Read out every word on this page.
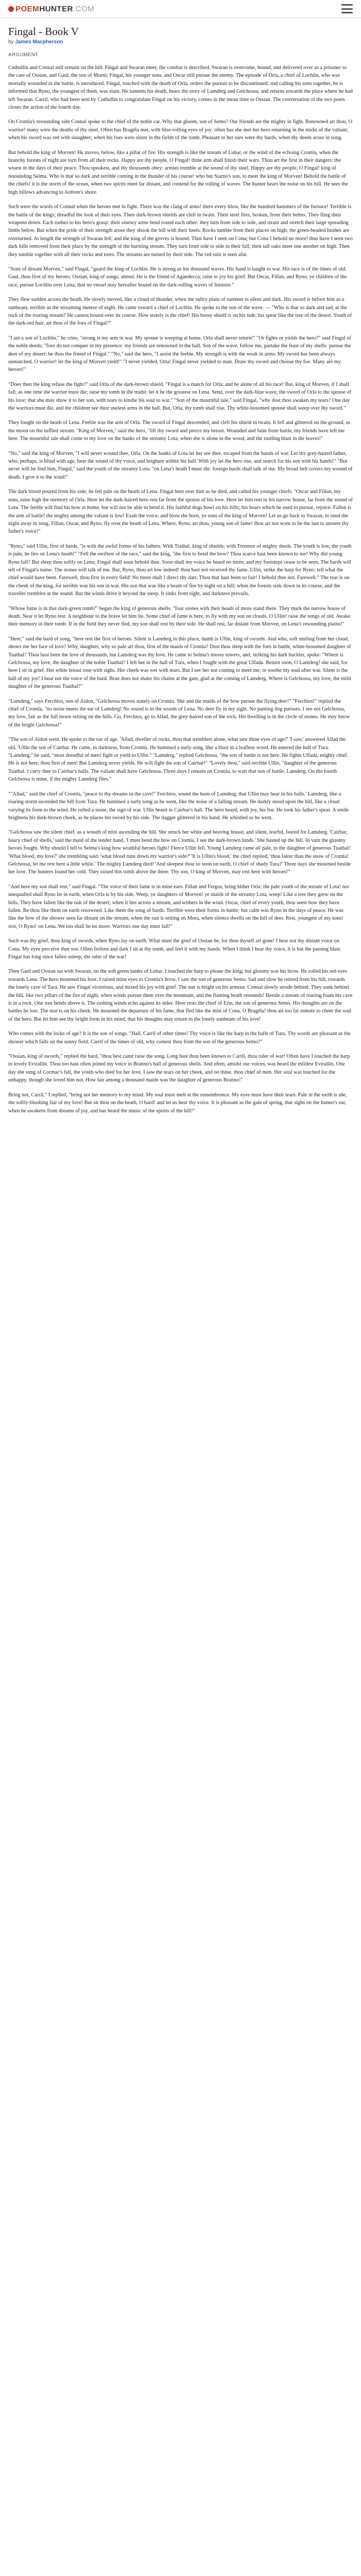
POEM HUNTER .COM
Fingal - Book V
by James Macpherson

ARGUMENT

Cuthullin and Connal still remain on the hill. Fingal and Swaran meet; the combat is described. Swaran is overcome, bound, and delivered over as a prisoner to the care of Ossian, and Gaul, the son of Morni; Fingal, his younger sons, and Oscar still pursue the enemy. The episode of Orla, a chief of Lochlin, who was mortally wounded in the battle, is introduced. Fingal, touched with the death of Orla, orders the pursuit to be discontinued; and calling his sons together, he is informed that Ryno, the youngest of them, was slain. He laments his death, hears the story of Lamderg and Gelchossa, and returns towards the place where he had left Swaran. Carril, who had been sent by Cuthullin to congratulate Fingal on his victory, comes in the mean time to Ossian. The conversation of the two poets closes the action of the fourth day.

On Cromla's resounding side Connal spoke to the chief of the noble car. Why that gloom, son of Semo? Our friends are the mighty in fight. Renowned art thou, O warrior! many were the deaths of thy steel. Often has Bragéla met, with blue-rolling eyes of joy: often has she met her hero returning in the midst of the valiant; when his sword was red with slaughter; when his foes were silent in the fields of the tomb. Pleasant to her ears were thy bards, when thy deeds arose in song.

But behold the king of Morven! He moves, below, like a pillar of fire. His strength is like the stream of Lubar, or the wind of the echoing Cromla, when the branchy forests of night are torn from all their rocks. Happy are thy people, O Fingal! thine arm shall finish their wars. Thou art the first in their dangers: the wisest in the days of their peace. Thou speakest, and thy thousands obey: armies tremble at the sound of thy steel. Happy are thy people, O Fingal! king of resounding Selma. Who is that so dark and terrible coming in the thunder of his course! who but Starno's son, to meet the king of Morven! Behold the battle of the chiefs! it is the storm of the ocean, when two spirits meet far distant, and contend for the rolling of waves. The hunter hears the noise on his hill. He sees the high billows advancing to Ardven's shore.

Such were the words of Connal when the heroes met in fight. There was the clang of arms! there every blow, like the hundred hammers of the furnace! Terrible is the battle of the kings; dreadful the look of their eyes. Their dark-brown shields are cleft in twain. Their steel flies, broken, from their helms. They fling their weapons down. Each rushes to his hero's grasp; their sinewy arms bend round each other: they turn from side to side, and strain and stretch their large spreading limbs below. But when the pride of their strength arose they shook the hill with their heels. Rocks tumble from their places on high; the green-headed bushes are overturned. At length the strength of Swaran fell; and the king of the groves is bound. Thus have I seen on Cona; but Cona I behold no more! thus have I seen two dark hills removed from their place by the strength of the bursting stream. They turn from side to side in their fall; their tall oaks meet one another on high. Then they tumble together with all their rocks and trees. The streams are turned by their side. The red ruin is seen afar.

"Sons of distant Morven," said Fingal, "guard the king of Lochlin. He is strong as his thousand waves. His hand is taught to war. His race is of the times of old. Gaul, thou first of my heroes; Ossian, king of songs, attend. He is the friend of Agandecca; raise to joy his grief. But Oscar, Fillan, and Ryno, ye children of the race, pursue Lochlin over Lena; that no vessel may hereafter bound on the dark-rolling waves of Inistore."

They flew sudden across the heath. He slowly moved, like a cloud of thunder, when the sultry plain of summer is silent and dark. His sword is before him as a sunbeam; terrible as the streaming meteor of night. He came toward a chief of Lochlin. He spoke to the son of the wave. — "Who is that so dark and sad, at the rock of the roaring stream? He cannot bound over its course. How stately is the chief! His bossy shield is on his side; his spear like the tree of the desert. Youth of the dark-red hair, art thou of the foes of Fingal?"

"I am a son of Lochlin," he cries; "strong is my arm in war. My spouse is weeping at home. Orla shall never return!" "Or fights or yields the hero?" said Fingal of the noble deeds; "foes do not conquer in my presence: my friends are renowned in the hall. Son of the wave, follow me, partake the feast of my shells: pursue the deer of my desert: be thou the friend of Fingal." "No," said the hero, "I assist the feeble. My strength is with the weak in arms. My sword has been always unmatched, O warrior! let the king of Morven yield!" "I never yielded, Orla! Fingal never yielded to man. Draw thy sword and choose thy foe. Many are my heroes!"

"Does then the king refuse the fight?" said Orla of the dark-brown shield. "Fingal is a match for Orla: and he alone of all his race! But, king of Morven, if I shall fall; as one time the warrior must die; raise my tomb in the midst: let it be the greatest on Lena. Send, over the dark-blue wave, the sword of Orla to the spouse of his love; that she may show it to her son, with tears to kindle his soul to war." "Son of the mournful tale," said Fingal, "why dost thou awaken my tears? One day the warriors must die, and the children see their useless arms in the hall. But, Orla, thy tomb shall rise. Thy white-bosomed spouse shall weep over thy sword."

They fought on the heath of Lena. Feeble was the arm of Orla. The sword of Fingal descended, and cleft his shield in twain. It fell and glittered on the ground, as the moon on the ruffled stream. "King of Morven," said the hero, "lift thy sword and pierce my breast. Wounded and faint from battle, my friends have left me here. The mournful tale shall come to my love on the banks of the streamy Lota; when she is alone in the wood, and the rustling blast in the leaves!"

"No," said the king of Morven; "I will never wound thee, Orla. On the banks of Lota let her see thee, escaped from the hands of war. Let thy grey-haired father, who, perhaps, is blind with age, hear the sound of thy voice, and brighten within his hall. With joy let the hero rise, and search for his son with his hands!" "But never will he find him, Fingal," said the youth of the streamy Lota: "on Lena's heath I must die: foreign bards shall talk of me. My broad belt covers my wound of death. I give it to the wind!"

The dark blood poured from his side; he fell pale on the heath of Lena. Fingal bent over him as he died, and called his younger chiefs. "Oscar and Fillan, my sons, raise high the memory of Orla. Here let the dark-haired hero rest far from the spouse of his love. Here let him rest in his narrow house, far from the sound of Lota. The feeble will find his bow at home, but will not be able to bend it. His faithful dogs howl on his hills; his boars which he used to pursue, rejoice. Fallen is the arm of battle! the mighty among the valiant is low! Exalt the voice, and blow the horn, ye sons of the king of Morven! Let us go back to Swaran, to send the night away in song. Fillan, Oscar, and Ryno, fly over the heath of Lena. Where, Ryno, art thou, young son of fame! thou art not wont to be the last to answer thy father's voice!"

"Ryno," said Ullin, first of bards, "is with the awful forms of his fathers. With Trathal, king of shields; with Trenmor of mighty deeds. The youth is low, the youth is pale, he lies on Lena's heath!" "Fell the swiftest of the race," said the king, "the first to bend the bow? Thou scarce hast been known to me! Why did young Ryno fall? But sleep thou softly on Lena; Fingal shall soon behold thee. Soon shall my voice be heard no more, and my footsteps cease to be seen. The bards will tell of Fingal's name. The stones will talk of me. But, Ryno, thou art low indeed! thou hast not received thy fame. Ullin, strike the harp for Ryno; tell what the chief would have been. Farewell, thou first in every field! No more shall I direct thy dart. Thou that hast been so fair! I behold thee not. Farewell." The tear is on the cheek of the king, for terrible was his son in war. His son that was like a beam of fire by night on a hill; when the forests sink down in its course, and the traveller trembles at the sound. But the winds drive it beyond the steep. It sinks from sight, and darkness prevails.

"Whose fame is in that dark-green tomb?" began the king of generous shells: "four stones with their heads of moss stand there. They mark the narrow house of death. Near it let Ryno rest. A neighbour to the brave let him lie. Some chief of fame is here, to fly with my son on clouds. O Ullin! raise the songs of old. Awake their memory in their tomb. If in the field they never fled, my son shall rest by their side. He shall rest, far distant from Morven, on Lena's resounding plains!"

"Here," said the bard of song, "here rest the first of heroes. Silent is Lamderg in this place, dumb is Ullin, king of swords. And who, soft smiling from her cloud, shows me her face of love? Why, daughter, why so pale art thou, first of the maids of Cromla? Dost thou sleep with the foes in battle, white-bosomed daughter of Tuathal? Thou hast been the love of thousands, but Lamderg was thy love. He came to Selma's mossy towers, and, striking his dark buckler, spoke: "Where is Gelchossa, my love, the daughter of the noble Tuathal? I left her in the hall of Tura, when I fought with the great Ulfada. Return soon, O Lamderg! she said, for here I sit in grief. Her white breast rose with sighs. Her cheek was wet with tears. But I see her not coming to meet me; to soothe my soul after war. Silent is the hall of my joy! I hear not the voice of the bard. Bran does not shake his chains at the gate, glad at the coming of Lamderg. Where is Gelchossa, my love, the mild daughter of the generous Tuathal?"

"Lamderg," says Ferchios, son of Aidon, "Gelchossa moves stately on Cromla. She and the maids of the bow pursue the flying deer!" "Ferchios!" replied the chief of Cromla, "no noise meets the ear of Lamderg! No sound is in the woods of Lena. No deer fly in my sight. No panting dog pursues. I see not Gelchossa, my love, fair as the full moon setting on the hills. Go, Ferchios, go to Allad, the grey-haired son of the rock. His dwelling is in the circle of stones. He may know of the bright Gelchossa!"

"The son of Aidon went. He spoke to the ear of age. 'Allad, dweller of rocks, thou that tremblest alone, what saw thine eyes of age?' 'I saw,' answered Allad the old, 'Ullin the son of Cairbar. He came, in darkness, from Cromla. He hummed a surly song, like a blast in a leafless wood. He entered the hall of Tura. "Lamderg," he said, "most dreadful of men! fight or yield to Ullin." "Lamderg," replied Gelchossa, "the son of battle is not here. He fights Ulfada, mighty chief. He is not here, thou first of men! But Lamderg never yields. He will fight the son of Cairbar!" "Lovely thou," said terrible Ullin, "daughter of the generous Tuathal. I carry thee to Cairbar's halls. The valiant shall have Gelchossa. Three days I remain on Cromla, to wait that son of battle, Lamderg. On the fourth Gelchossa is mine, if the mighty Lamderg flies."

""Allad," said the chief of Cromla, "peace to thy dreams in the cave!" Ferchios, sound the horn of Lamderg, that Ullin may hear in his halls.' Lamderg, like a roaring storm ascended the hill from Tura. He hummed a surly song as he went, like the noise of a falling stream. He darkly stood upon the hill, like a cloud varying its form to the wind. He rolled a stone, the sign of war. Ullin heard in Cairbar's hall. The hero heard, with joy, his foe. He took his father's spear. A smile brightens his dark-brown cheek, as he places his sword by his side. The dagger glittered in his hand. He whistled as he went.

"Gelchossa saw the silent chief, as a wreath of mist ascending the hill. She struck her white and heaving breast; and silent, tearful, feared for Lamderg. 'Cairbar, hoary chief of shells,' said the maid of the tender hand, 'I must bend the bow on Cromla. I see the dark-brown hinds.' She hasted up the hill. In vain the gloomy heroes fought. Why should I tell to Selma's king how wrathful heroes fight? Fierce Ullin fell. Young Lamderg came all pale, to the daughter of generous Tuathal! 'What blood, my love?' she trembling said: 'what blood runs down my warrior's side?' 'It is Ullin's blood,' the chief replied, 'thou fairer than the snow of Cromla! Gelchossa, let me rest here a little while.' The mighty Lamderg died! 'And sleepest thou so soon on earth, O chief of shady Tura?' Three days she mourned beside her love. The hunters found her cold. They raised this tomb above the three. Thy son, O king of Morven, may rest here with heroes!"

"And here my son shall rest," said Fingal. "The voice of their fame is in mine ears. Fillan and Fergus, bring hither Orla; the pale youth of the stream of Lota! not unequalled shall Ryno lie in earth, when Orla is by his side. Weep, ye daughters of Morven! ye maids of the streamy Lota, weep! Like a tree they grew on the hills. They have fallen like the oak of the desert; when it lies across a stream, and withers in the wind. Oscar, chief of every youth, thou seest how they have fallen. Be thou like them on earth renowned. Like them the song of bards. Terrible were their forms in battle; but calm was Ryno in the days of peace. He was like the bow of the shower seen far distant on the stream; when the sun is setting on Mora, when silence dwells on the hill of deer. Rest, youngest of my sons! rest, O Ryno! on Lena. We too shall be no more. Warriors one day must fall!"

Such was thy grief, thou king of swords, when Ryno lay on earth. What must the grief of Ossian be, for thou thyself art gone! I hear not thy distant voice on Cona. My eyes perceive thee not. Often forlorn and dark I sit at thy tomb, and feel it with my hands. When I think I hear thy voice, it is but the passing blast. Fingal has long since fallen asleep, the ruler of the war!

Then Gaul and Ossian sat with Swaran, on the soft green banks of Lubar. I touched the harp to please the king; but gloomy was his brow. He rolled his red eyes towards Lena. The hero mourned his host. I raised mine eyes to Cromla's brow. I saw the son of generous Semo. Sad and slow he retired from his hill, towards the lonely cave of Tura. He saw Fingal victorious, and mixed his joy with grief. The sun is bright on his armour. Connal slowly strode behind. They sunk behind the hill, like two pillars of the fire of night, when winds pursue them over the mountain, and the flaming heath resounds! Beside a stream of roaring foam his cave is in a rock. One tree bends above it. The rushing winds echo against its sides. Here rests the chief of Erin, the son of generous Semo. His thoughts are on the battles he lost. The tear is on his cheek. He mourned the departure of his fame, that fled like the mist of Cona. O Bragéla! thou art too far remote to cheer the soul of the hero. But let him see thy bright form in his mind, that his thoughts may return to the lonely sunbeam of his love!

Who comes with the locks of age? It is the son of songs. "Hail, Carril of other times! Thy voice is like the harp in the halls of Tura. Thy words are pleasant as the shower which falls on the sunny field. Carril of the times of old, why comest thou from the son of the generous Semo?"

"Ossian, king of swords," replied the bard, "thou best canst raise the song. Long hast thou been known to Carril, thou ruler of war! Often have I touched the harp to lovely Evirallin. Thou too hast often joined my voice in Branno's hall of generous shells. And often, amidst our voices, was heard the mildest Evirallin. One day she sung of Cormac's fall, the youth who died for her love. I saw the tears on her cheek, and on thine, thou chief of men. Her soul was touched for the unhappy, though she loved him not. How fair among a thousand maids was the daughter of generous Branno!"

Bring not, Carril," I replied, "bring not her memory to my mind. My soul must melt at the remembrance. My eyes must have their tears. Pale in the earth is she, the softly-blushing fair of my love! But sit thou on the heath, O bard! and let us hear thy voice. It is pleasant as the gale of spring, that sighs on the hunter's ear, when he awakens from dreams of joy, and has heard the music of the spirits of the hill!"
